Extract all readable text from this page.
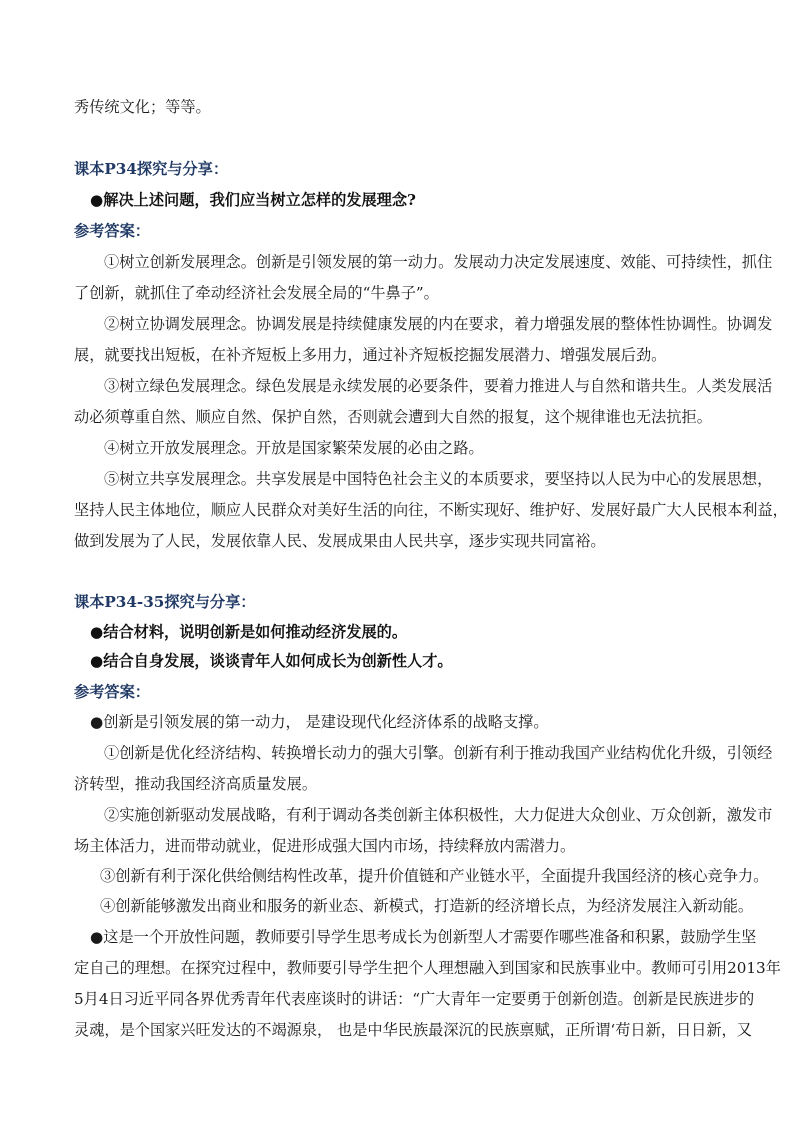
秀传统文化；等等。
课本P34探究与分享：
●解决上述问题，我们应当树立怎样的发展理念?
参考答案：
①树立创新发展理念。创新是引领发展的第一动力。发展动力决定发展速度、效能、可持续性，抓住
了创新，就抓住了牵动经济社会发展全局的“牛鼻子”。
②树立协调发展理念。协调发展是持续健康发展的内在要求，着力增强发展的整体性协调性。协调发
展，就要找出短板，在补齐短板上多用力，通过补齐短板挖掘发展潜力、增强发展后劲。
③树立绿色发展理念。绿色发展是永续发展的必要条件，要着力推进人与自然和谐共生。人类发展活
动必须尊重自然、顺应自然、保护自然，否则就会遭到大自然的报复，这个规律谁也无法抗拒。
④树立开放发展理念。开放是国家繁荣发展的必由之路。
⑤树立共享发展理念。共享发展是中国特色社会主义的本质要求，要坚持以人民为中心的发展思想，
坚持人民主体地位，顺应人民群众对美好生活的向往，不断实现好、维护好、发展好最广大人民根本利益，
做到发展为了人民，发展依靠人民、发展成果由人民共享，逐步实现共同富裕。
课本P34-35探究与分享：
●结合材料，说明创新是如何推动经济发展的。
●结合自身发展，谈谈青年人如何成长为创新性人才。
参考答案：
●创新是引领发展的第一动力， 是建设现代化经济体系的战略支撑。
①创新是优化经济结构、转换增长动力的强大引擎。创新有利于推动我国产业结构优化升级，引领经
济转型，推动我国经济高质量发展。
②实施创新驱动发展战略，有利于调动各类创新主体积极性，大力促进大众创业、万众创新，激发市
场主体活力，进而带动就业，促进形成强大国内市场，持续释放内需潜力。
③创新有利于深化供给侧结构性改革，提升价值链和产业链水平，全面提升我国经济的核心竞争力。
④创新能够激发出商业和服务的新业态、新模式，打造新的经济增长点，为经济发展注入新动能。
●这是一个开放性问题，教师要引导学生思考成长为创新型人才需要作哪些准备和积累，鼓励学生坚
定自己的理想。在探究过程中，教师要引导学生把个人理想融入到国家和民族事业中。教师可引用2013年
5月4日习近平同各界优秀青年代表座谈时的讲话：“广大青年一定要勇于创新创造。创新是民族进步的
灵魂，是个国家兴旺发达的不竭源泉， 也是中华民族最深沉的民族禀赋，正所谓‘苟日新，日日新，又
